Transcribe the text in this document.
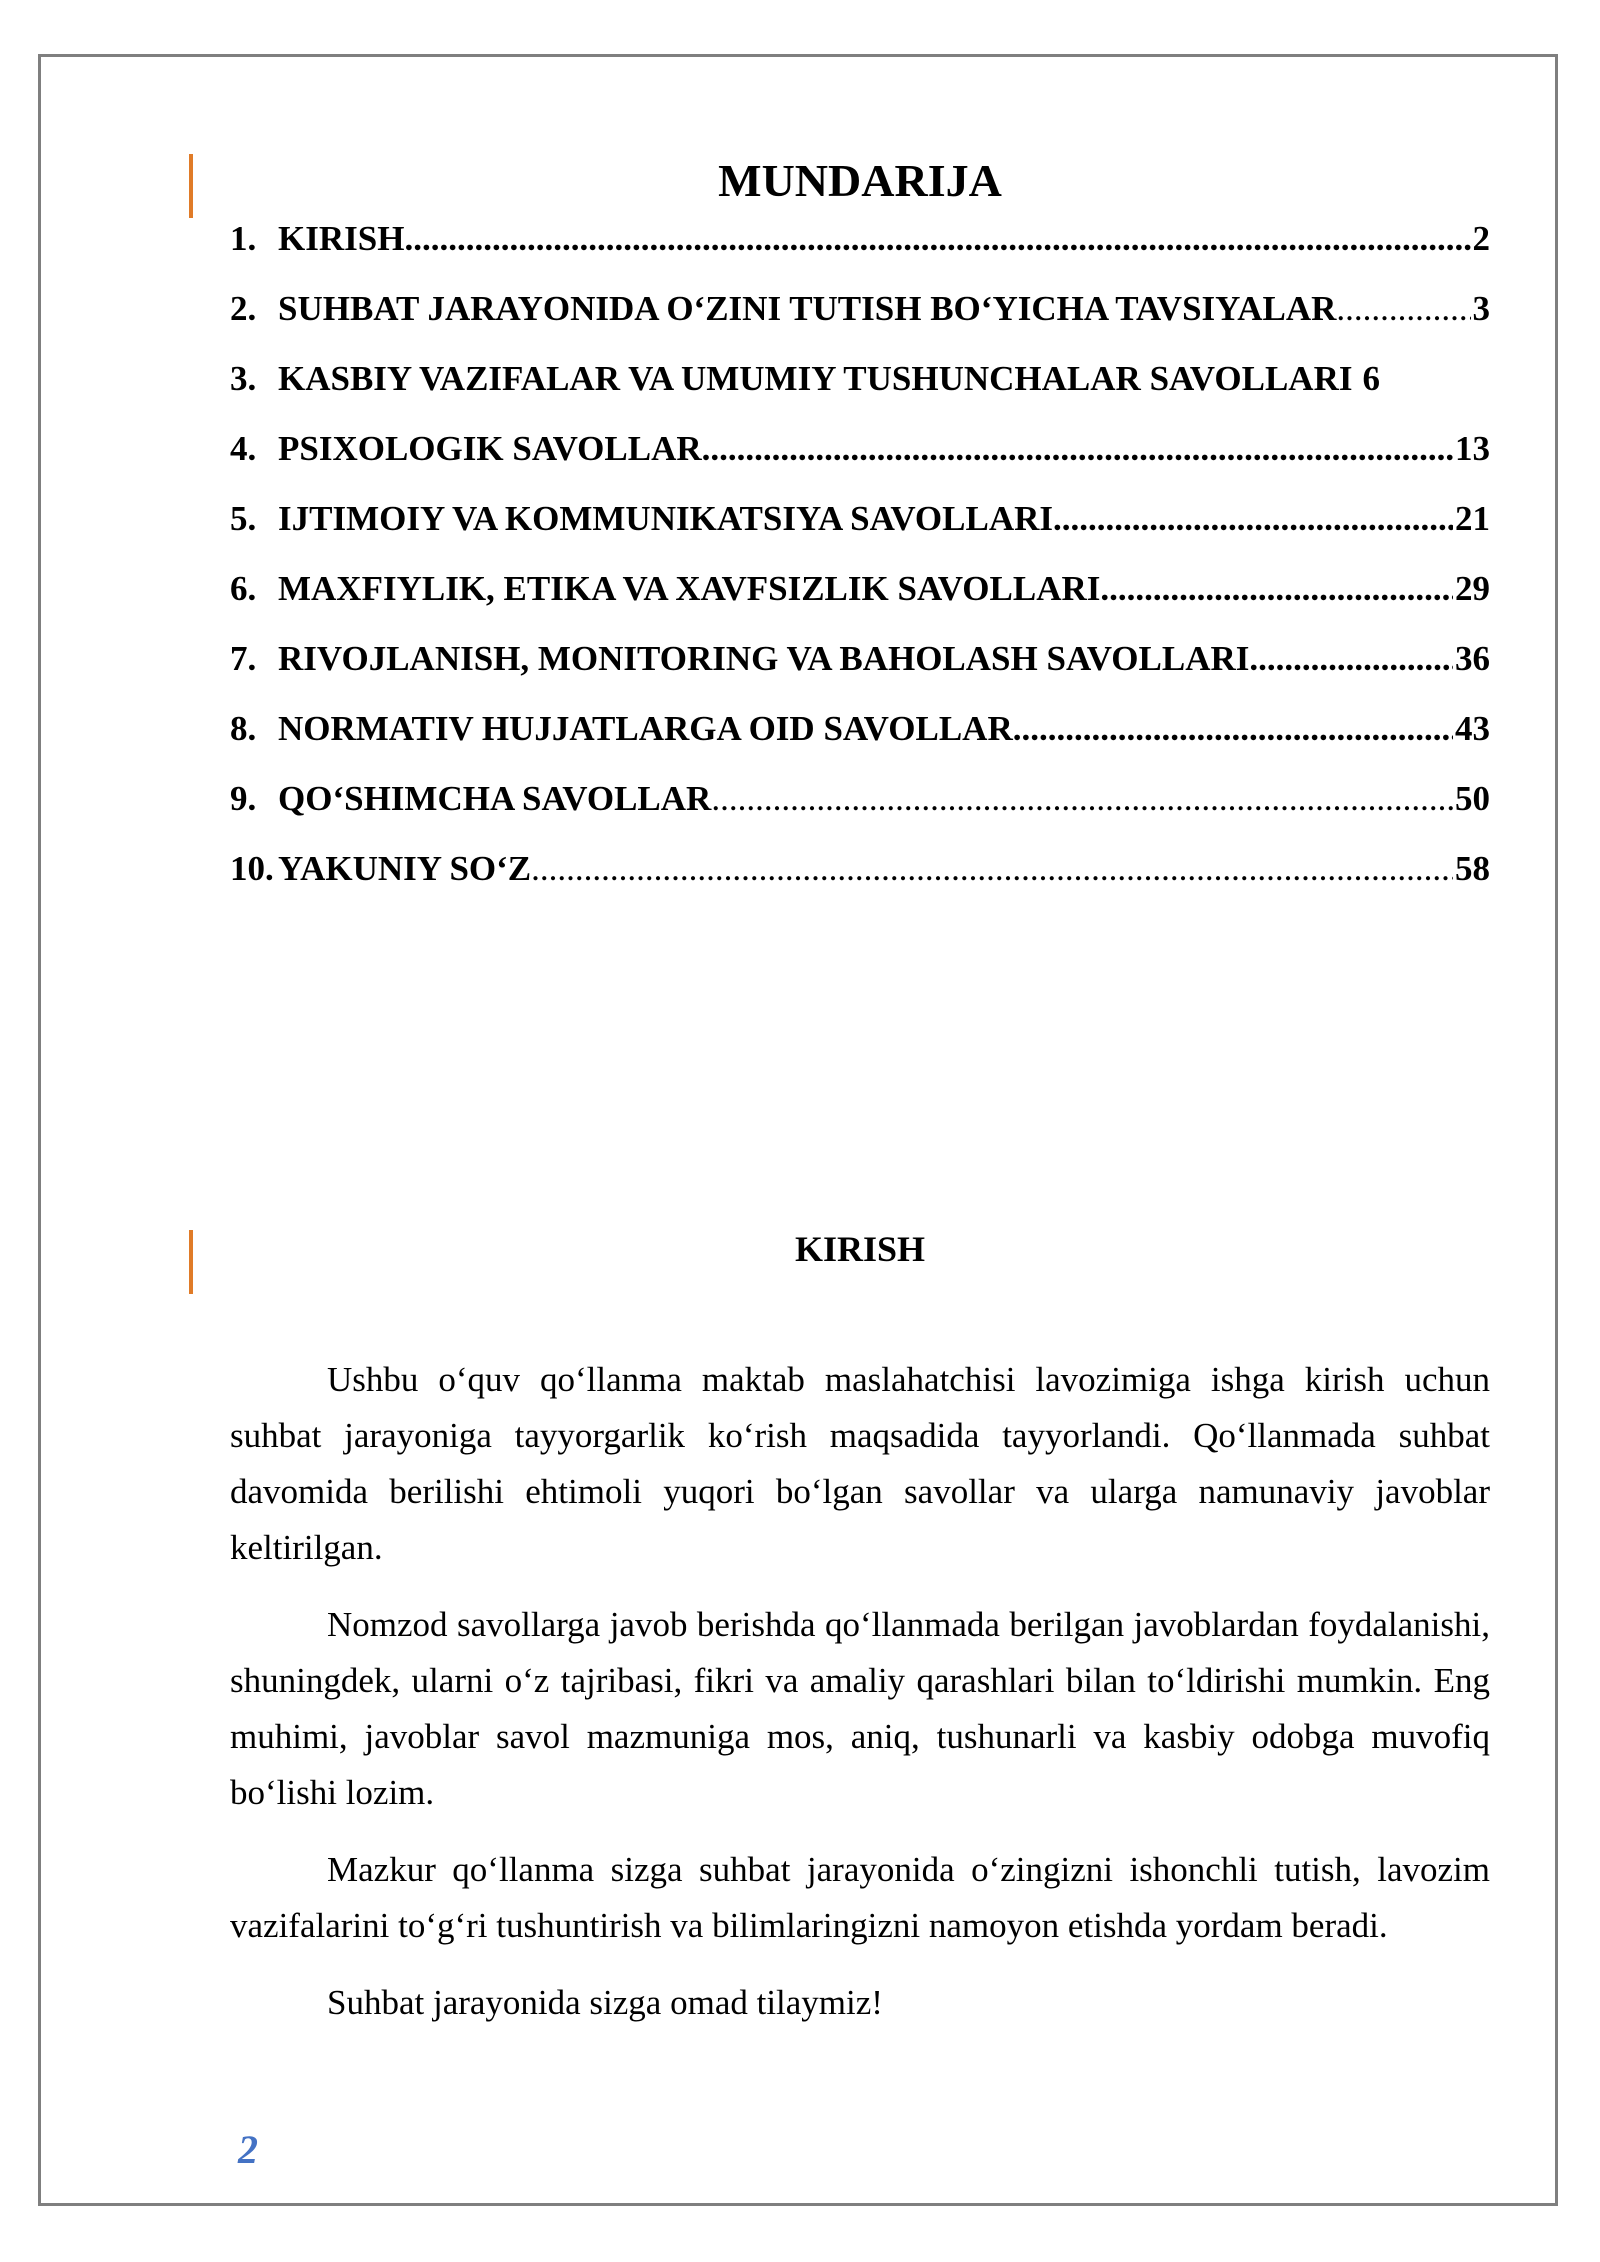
MUNDARIJA
1. KIRISH .....	2
2. SUHBAT JARAYONIDA O‘ZINI TUTISH BO‘YICHA TAVSIYALAR .....	3
3. KASBIY VAZIFALAR VA UMUMIY TUSHUNCHALAR SAVOLLARI 6
4. PSIXOLOGIK SAVOLLAR .....	13
5. IJTIMOIY VA KOMMUNIKATSIYA SAVOLLARI .....	21
6. MAXFIYLIK, ETIKA VA XAVFSIZLIK SAVOLLARI .....	29
7. RIVOJLANISH, MONITORING VA BAHOLASH SAVOLLARI .....	36
8. NORMATIV HUJJATLARGA OID SAVOLLAR .....	43
9. QO‘SHIMCHA SAVOLLAR .....	50
10. YAKUNIY SO‘Z .....	58
KIRISH

Ushbu o‘quv qo‘llanma maktab maslahatchisi lavozimiga ishga kirish uchun suhbat jarayoniga tayyorgarlik ko‘rish maqsadida tayyorlandi. Qo‘llanmada suhbat davomida berilishi ehtimoli yuqori bo‘lgan savollar va ularga namunaviy javoblar keltirilgan.

Nomzod savollarga javob berishda qo‘llanmada berilgan javoblardan foydalanishi, shuningdek, ularni o‘z tajribasi, fikri va amaliy qarashlari bilan to‘ldirishi mumkin. Eng muhimi, javoblar savol mazmuniga mos, aniq, tushunarli va kasbiy odobga muvofiq bo‘lishi lozim.

Mazkur qo‘llanma sizga suhbat jarayonida o‘zingizni ishonchli tutish, lavozim vazifalarini to‘g‘ri tushuntirish va bilimlaringizni namoyon etishda yordam beradi.

Suhbat jarayonida sizga omad tilaymiz!

2
